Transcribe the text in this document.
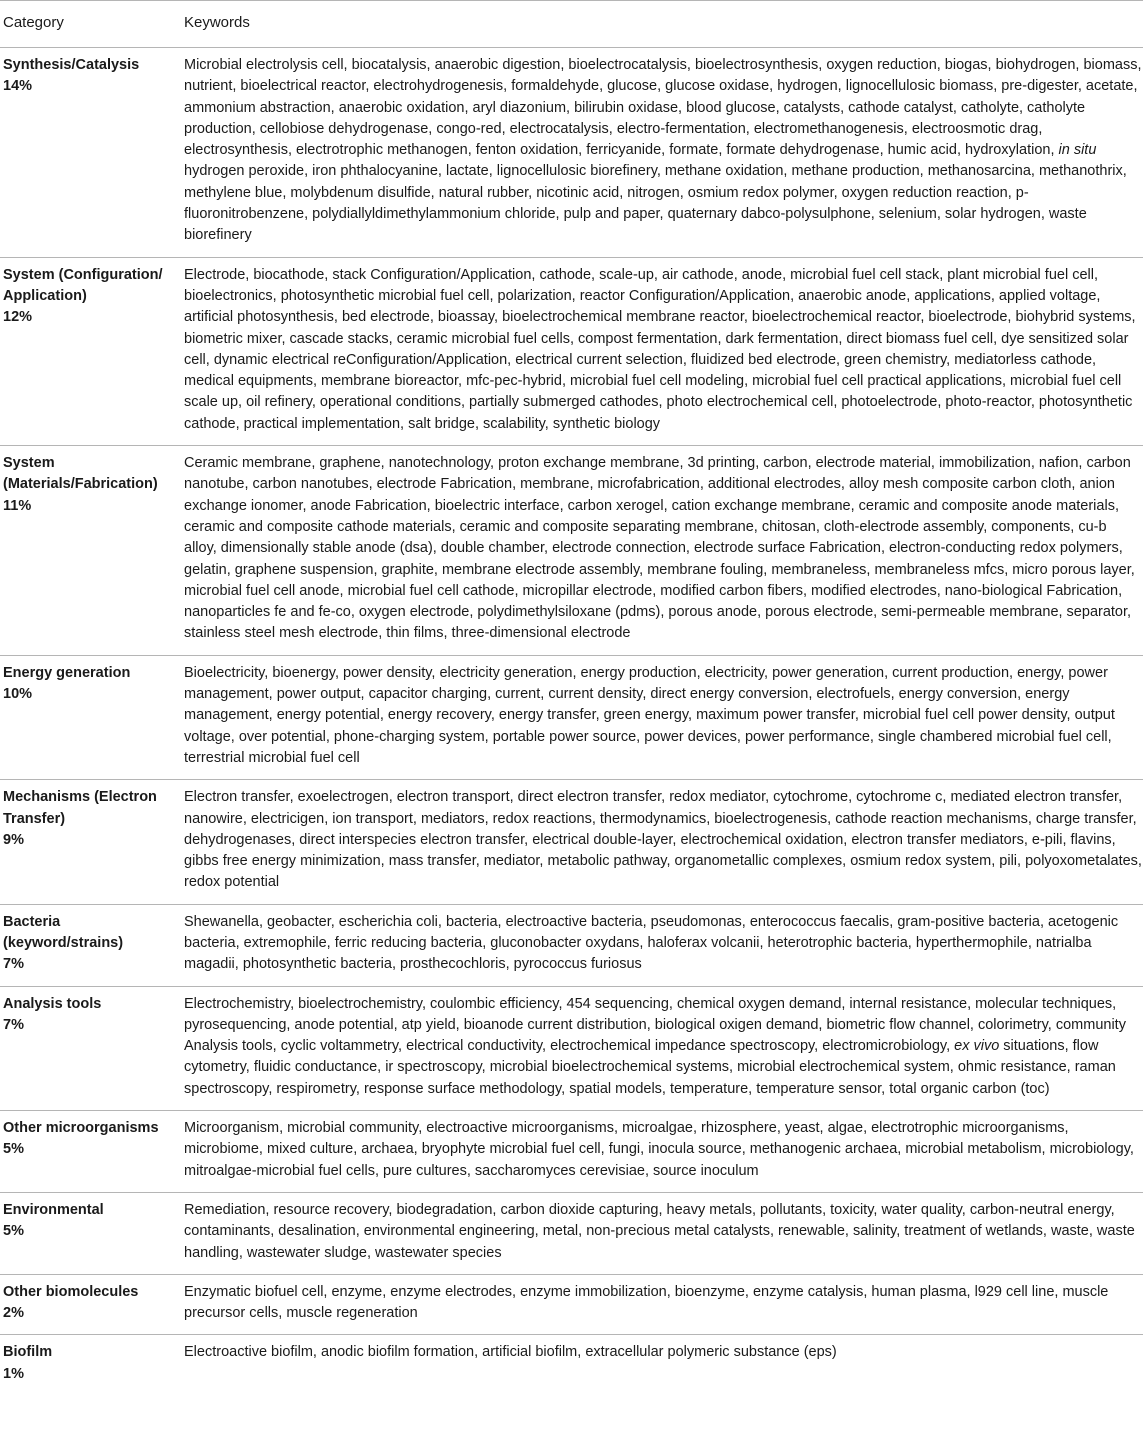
Category	Keywords

Synthesis/Catalysis
14%	Microbial electrolysis cell, biocatalysis, anaerobic digestion, bioelectrocatalysis, bioelectrosynthesis, oxygen reduction, biogas, biohydrogen, biomass, nutrient, bioelectrical reactor, electrohydrogenesis, formaldehyde, glucose, glucose oxidase, hydrogen, lignocellulosic biomass, pre-digester, acetate, ammonium abstraction, anaerobic oxidation, aryl diazonium, bilirubin oxidase, blood glucose, catalysts, cathode catalyst, catholyte, catholyte production, cellobiose dehydrogenase, congo-red, electrocatalysis, electro-fermentation, electromethanogenesis, electroosmotic drag, electrosynthesis, electrotrophic methanogen, fenton oxidation, ferricyanide, formate, formate dehydrogenase, humic acid, hydroxylation, in situ hydrogen peroxide, iron phthalocyanine, lactate, lignocellulosic biorefinery, methane oxidation, methane production, methanosarcina, methanothrix, methylene blue, molybdenum disulfide, natural rubber, nicotinic acid, nitrogen, osmium redox polymer, oxygen reduction reaction, p-fluoronitrobenzene, polydiallyldimethylammonium chloride, pulp and paper, quaternary dabco-polysulphone, selenium, solar hydrogen, waste biorefinery

System (Configuration/ Application)
12%	Electrode, biocathode, stack Configuration/Application, cathode, scale-up, air cathode, anode, microbial fuel cell stack, plant microbial fuel cell, bioelectronics, photosynthetic microbial fuel cell, polarization, reactor Configuration/Application, anaerobic anode, applications, applied voltage, artificial photosynthesis, bed electrode, bioassay, bioelectrochemical membrane reactor, bioelectrochemical reactor, bioelectrode, biohybrid systems, biometric mixer, cascade stacks, ceramic microbial fuel cells, compost fermentation, dark fermentation, direct biomass fuel cell, dye sensitized solar cell, dynamic electrical reConfiguration/Application, electrical current selection, fluidized bed electrode, green chemistry, mediatorless cathode, medical equipments, membrane bioreactor, mfc-pec-hybrid, microbial fuel cell modeling, microbial fuel cell practical applications, microbial fuel cell scale up, oil refinery, operational conditions, partially submerged cathodes, photo electrochemical cell, photoelectrode, photo-reactor, photosynthetic cathode, practical implementation, salt bridge, scalability, synthetic biology

System (Materials/Fabrication)
11%	Ceramic membrane, graphene, nanotechnology, proton exchange membrane, 3d printing, carbon, electrode material, immobilization, nafion, carbon nanotube, carbon nanotubes, electrode Fabrication, membrane, microfabrication, additional electrodes, alloy mesh composite carbon cloth, anion exchange ionomer, anode Fabrication, bioelectric interface, carbon xerogel, cation exchange membrane, ceramic and composite anode materials, ceramic and composite cathode materials, ceramic and composite separating membrane, chitosan, cloth-electrode assembly, components, cu-b alloy, dimensionally stable anode (dsa), double chamber, electrode connection, electrode surface Fabrication, electron-conducting redox polymers, gelatin, graphene suspension, graphite, membrane electrode assembly, membrane fouling, membraneless, membraneless mfcs, micro porous layer, microbial fuel cell anode, microbial fuel cell cathode, micropillar electrode, modified carbon fibers, modified electrodes, nano-biological Fabrication, nanoparticles fe and fe-co, oxygen electrode, polydimethylsiloxane (pdms), porous anode, porous electrode, semi-permeable membrane, separator, stainless steel mesh electrode, thin films, three-dimensional electrode

Energy generation
10%	Bioelectricity, bioenergy, power density, electricity generation, energy production, electricity, power generation, current production, energy, power management, power output, capacitor charging, current, current density, direct energy conversion, electrofuels, energy conversion, energy management, energy potential, energy recovery, energy transfer, green energy, maximum power transfer, microbial fuel cell power density, output voltage, over potential, phone-charging system, portable power source, power devices, power performance, single chambered microbial fuel cell, terrestrial microbial fuel cell

Mechanisms (Electron Transfer)
9%	Electron transfer, exoelectrogen, electron transport, direct electron transfer, redox mediator, cytochrome, cytochrome c, mediated electron transfer, nanowire, electricigen, ion transport, mediators, redox reactions, thermodynamics, bioelectrogenesis, cathode reaction mechanisms, charge transfer, dehydrogenases, direct interspecies electron transfer, electrical double-layer, electrochemical oxidation, electron transfer mediators, e-pili, flavins, gibbs free energy minimization, mass transfer, mediator, metabolic pathway, organometallic complexes, osmium redox system, pili, polyoxometalates, redox potential

Bacteria (keyword/strains)
7%	Shewanella, geobacter, escherichia coli, bacteria, electroactive bacteria, pseudomonas, enterococcus faecalis, gram-positive bacteria, acetogenic bacteria, extremophile, ferric reducing bacteria, gluconobacter oxydans, haloferax volcanii, heterotrophic bacteria, hyperthermophile, natrialba magadii, photosynthetic bacteria, prosthecochloris, pyrococcus furiosus

Analysis tools
7%	Electrochemistry, bioelectrochemistry, coulombic efficiency, 454 sequencing, chemical oxygen demand, internal resistance, molecular techniques, pyrosequencing, anode potential, atp yield, bioanode current distribution, biological oxigen demand, biometric flow channel, colorimetry, community Analysis tools, cyclic voltammetry, electrical conductivity, electrochemical impedance spectroscopy, electromicrobiology, ex vivo situations, flow cytometry, fluidic conductance, ir spectroscopy, microbial bioelectrochemical systems, microbial electrochemical system, ohmic resistance, raman spectroscopy, respirometry, response surface methodology, spatial models, temperature, temperature sensor, total organic carbon (toc)

Other microorganisms
5%	Microorganism, microbial community, electroactive microorganisms, microalgae, rhizosphere, yeast, algae, electrotrophic microorganisms, microbiome, mixed culture, archaea, bryophyte microbial fuel cell, fungi, inocula source, methanogenic archaea, microbial metabolism, microbiology, mitroalgae-microbial fuel cells, pure cultures, saccharomyces cerevisiae, source inoculum

Environmental
5%	Remediation, resource recovery, biodegradation, carbon dioxide capturing, heavy metals, pollutants, toxicity, water quality, carbon-neutral energy, contaminants, desalination, environmental engineering, metal, non-precious metal catalysts, renewable, salinity, treatment of wetlands, waste, waste handling, wastewater sludge, wastewater species

Other biomolecules
2%	Enzymatic biofuel cell, enzyme, enzyme electrodes, enzyme immobilization, bioenzyme, enzyme catalysis, human plasma, l929 cell line, muscle precursor cells, muscle regeneration

Biofilm
1%	Electroactive biofilm, anodic biofilm formation, artificial biofilm, extracellular polymeric substance (eps)
